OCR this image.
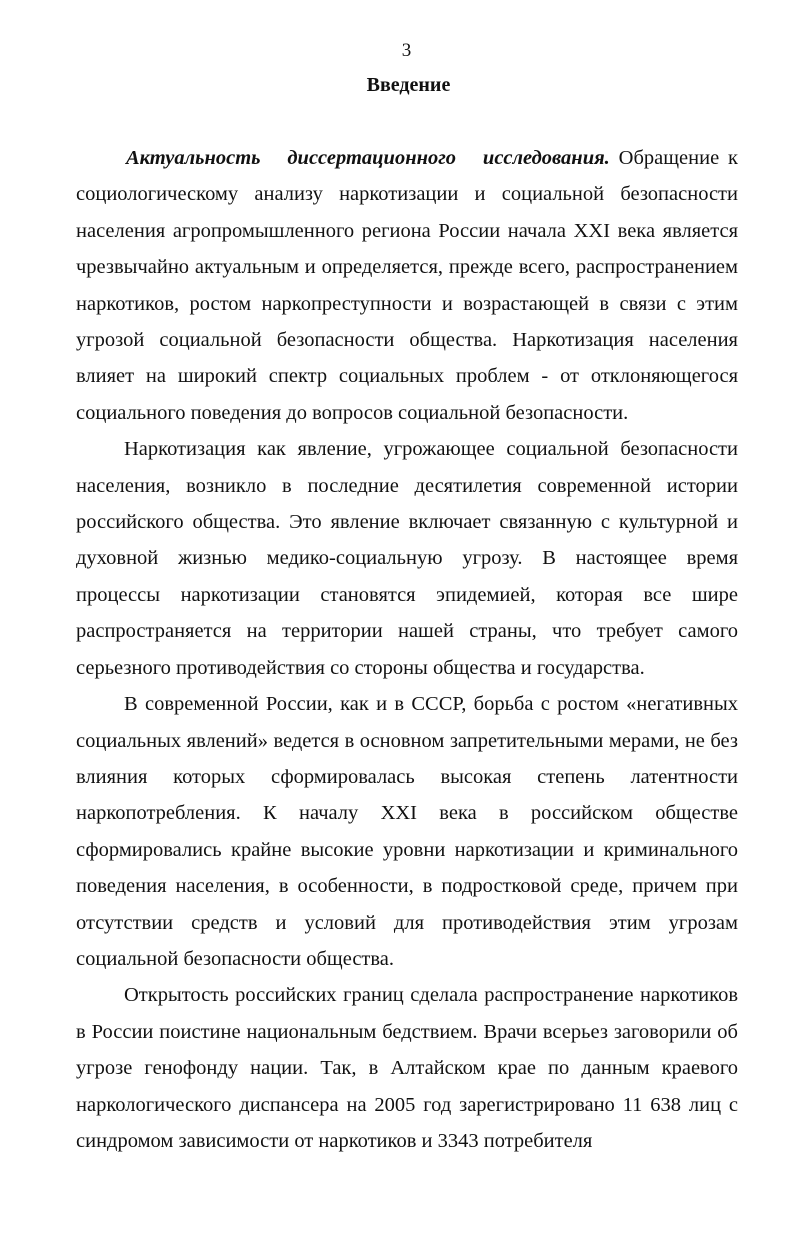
3
Введение

Актуальность диссертационного исследования. Обращение к социологическому анализу наркотизации и социальной безопасности населения агропромышленного региона России начала XXI века является чрезвычайно актуальным и определяется, прежде всего, распространением наркотиков, ростом наркопреступности и возрастающей в связи с этим угрозой социальной безопасности общества. Наркотизация населения влияет на широкий спектр социальных проблем - от отклоняющегося социального поведения до вопросов социальной безопасности.

Наркотизация как явление, угрожающее социальной безопасности населения, возникло в последние десятилетия современной истории российского общества. Это явление включает связанную с культурной и духовной жизнью медико-социальную угрозу. В настоящее время процессы наркотизации становятся эпидемией, которая все шире распространяется на территории нашей страны, что требует самого серьезного противодействия со стороны общества и государства.

В современной России, как и в СССР, борьба с ростом «негативных социальных явлений» ведется в основном запретительными мерами, не без влияния которых сформировалась высокая степень латентности наркопотребления. К началу XXI века в российском обществе сформировались крайне высокие уровни наркотизации и криминального поведения населения, в особенности, в подростковой среде, причем при отсутствии средств и условий для противодействия этим угрозам социальной безопасности общества.

Открытость российских границ сделала распространение наркотиков в России поистине национальным бедствием. Врачи всерьез заговорили об угрозе генофонду нации. Так, в Алтайском крае по данным краевого наркологического диспансера на 2005 год зарегистрировано 11 638 лиц с синдромом зависимости от наркотиков и 3343 потребителя
